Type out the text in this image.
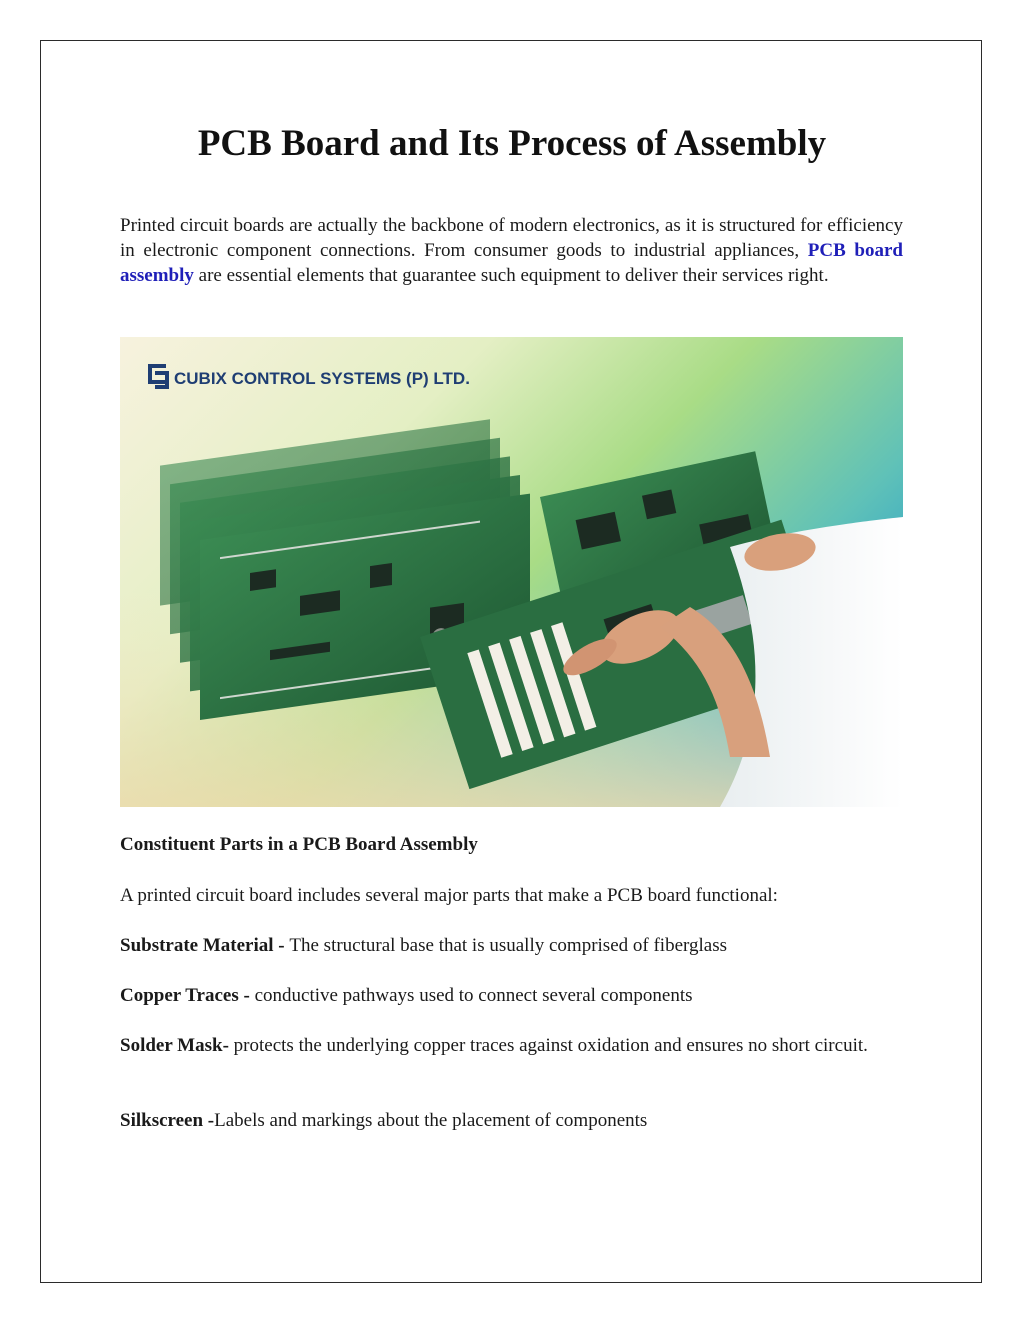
PCB Board and Its Process of Assembly

Printed circuit boards are actually the backbone of modern electronics, as it is structured for efficiency in electronic component connections. From consumer goods to industrial appliances, PCB board assembly are essential elements that guarantee such equipment to deliver their services right.

CUBIX CONTROL SYSTEMS (P) LTD.
Constituent Parts in a PCB Board Assembly

A printed circuit board includes several major parts that make a PCB board functional:

Substrate Material - The structural base that is usually comprised of fiberglass

Copper Traces - conductive pathways used to connect several components

Solder Mask- protects the underlying copper traces against oxidation and ensures no short circuit.

Silkscreen -Labels and markings about the placement of components
